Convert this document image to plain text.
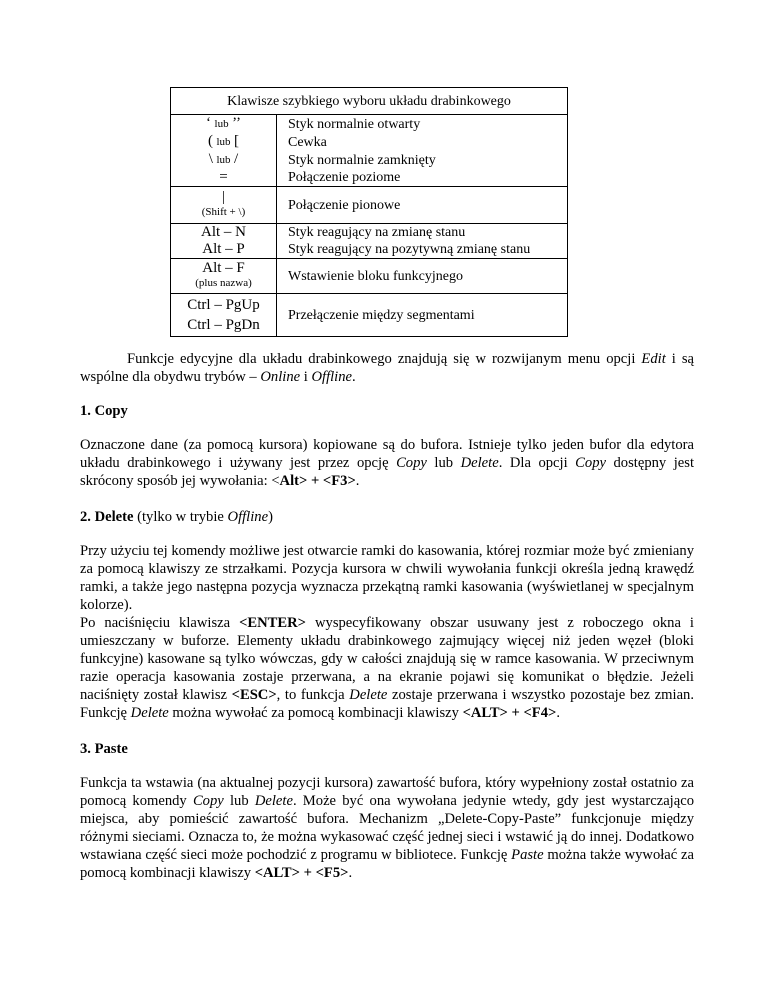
Klawisze szybkiego wyboru układu drabinkowego	
‘ lub ’’	Styk normalnie otwarty
( lub [	Cewka
\ lub /	Styk normalnie zamknięty
=	Połączenie poziome

|
(Shift + \)	Połączenie pionowe
Alt – N	Styk reagujący na zmianę stanu
Alt – P	Styk reagujący na pozytywną zmianę stanu

Alt – F
(plus nazwa)	Wstawienie bloku funkcyjnego

Ctrl – PgUp
Ctrl – PgDn	Przełączenie między segmentami

Funkcje edycyjne dla układu drabinkowego znajdują się w rozwijanym menu opcji Edit i są wspólne dla obydwu trybów – Online i Offline.

1. Copy

Oznaczone dane (za pomocą kursora) kopiowane są do bufora. Istnieje tylko jeden bufor dla edytora układu drabinkowego i używany jest przez opcję Copy lub Delete. Dla opcji Copy dostępny jest skrócony sposób jej wywołania: <Alt> + <F3>.

2. Delete (tylko w trybie Offline)

Przy użyciu tej komendy możliwe jest otwarcie ramki do kasowania, której rozmiar może być zmieniany za pomocą klawiszy ze strzałkami. Pozycja kursora w chwili wywołania funkcji określa jedną krawędź ramki, a także jego następna pozycja wyznacza przekątną ramki kasowania (wyświetlanej w specjalnym kolorze).

Po naciśnięciu klawisza <ENTER> wyspecyfikowany obszar usuwany jest z roboczego okna i umieszczany w buforze. Elementy układu drabinkowego zajmujący więcej niż jeden węzeł (bloki funkcyjne) kasowane są tylko wówczas, gdy w całości znajdują się w ramce kasowania. W przeciwnym razie operacja kasowania zostaje przerwana, a na ekranie pojawi się komunikat o błędzie. Jeżeli naciśnięty został klawisz <ESC>, to funkcja Delete zostaje przerwana i wszystko pozostaje bez zmian. Funkcję Delete można wywołać za pomocą kombinacji klawiszy <ALT> + <F4>.

3. Paste

Funkcja ta wstawia (na aktualnej pozycji kursora) zawartość bufora, który wypełniony został ostatnio za pomocą komendy Copy lub Delete. Może być ona wywołana jedynie wtedy, gdy jest wystarczająco miejsca, aby pomieścić zawartość bufora. Mechanizm „Delete-Copy-Paste” funkcjonuje między różnymi sieciami. Oznacza to, że można wykasować część jednej sieci i wstawić ją do innej. Dodatkowo wstawiana część sieci może pochodzić z programu w bibliotece. Funkcję Paste można także wywołać za pomocą kombinacji klawiszy <ALT> + <F5>.
